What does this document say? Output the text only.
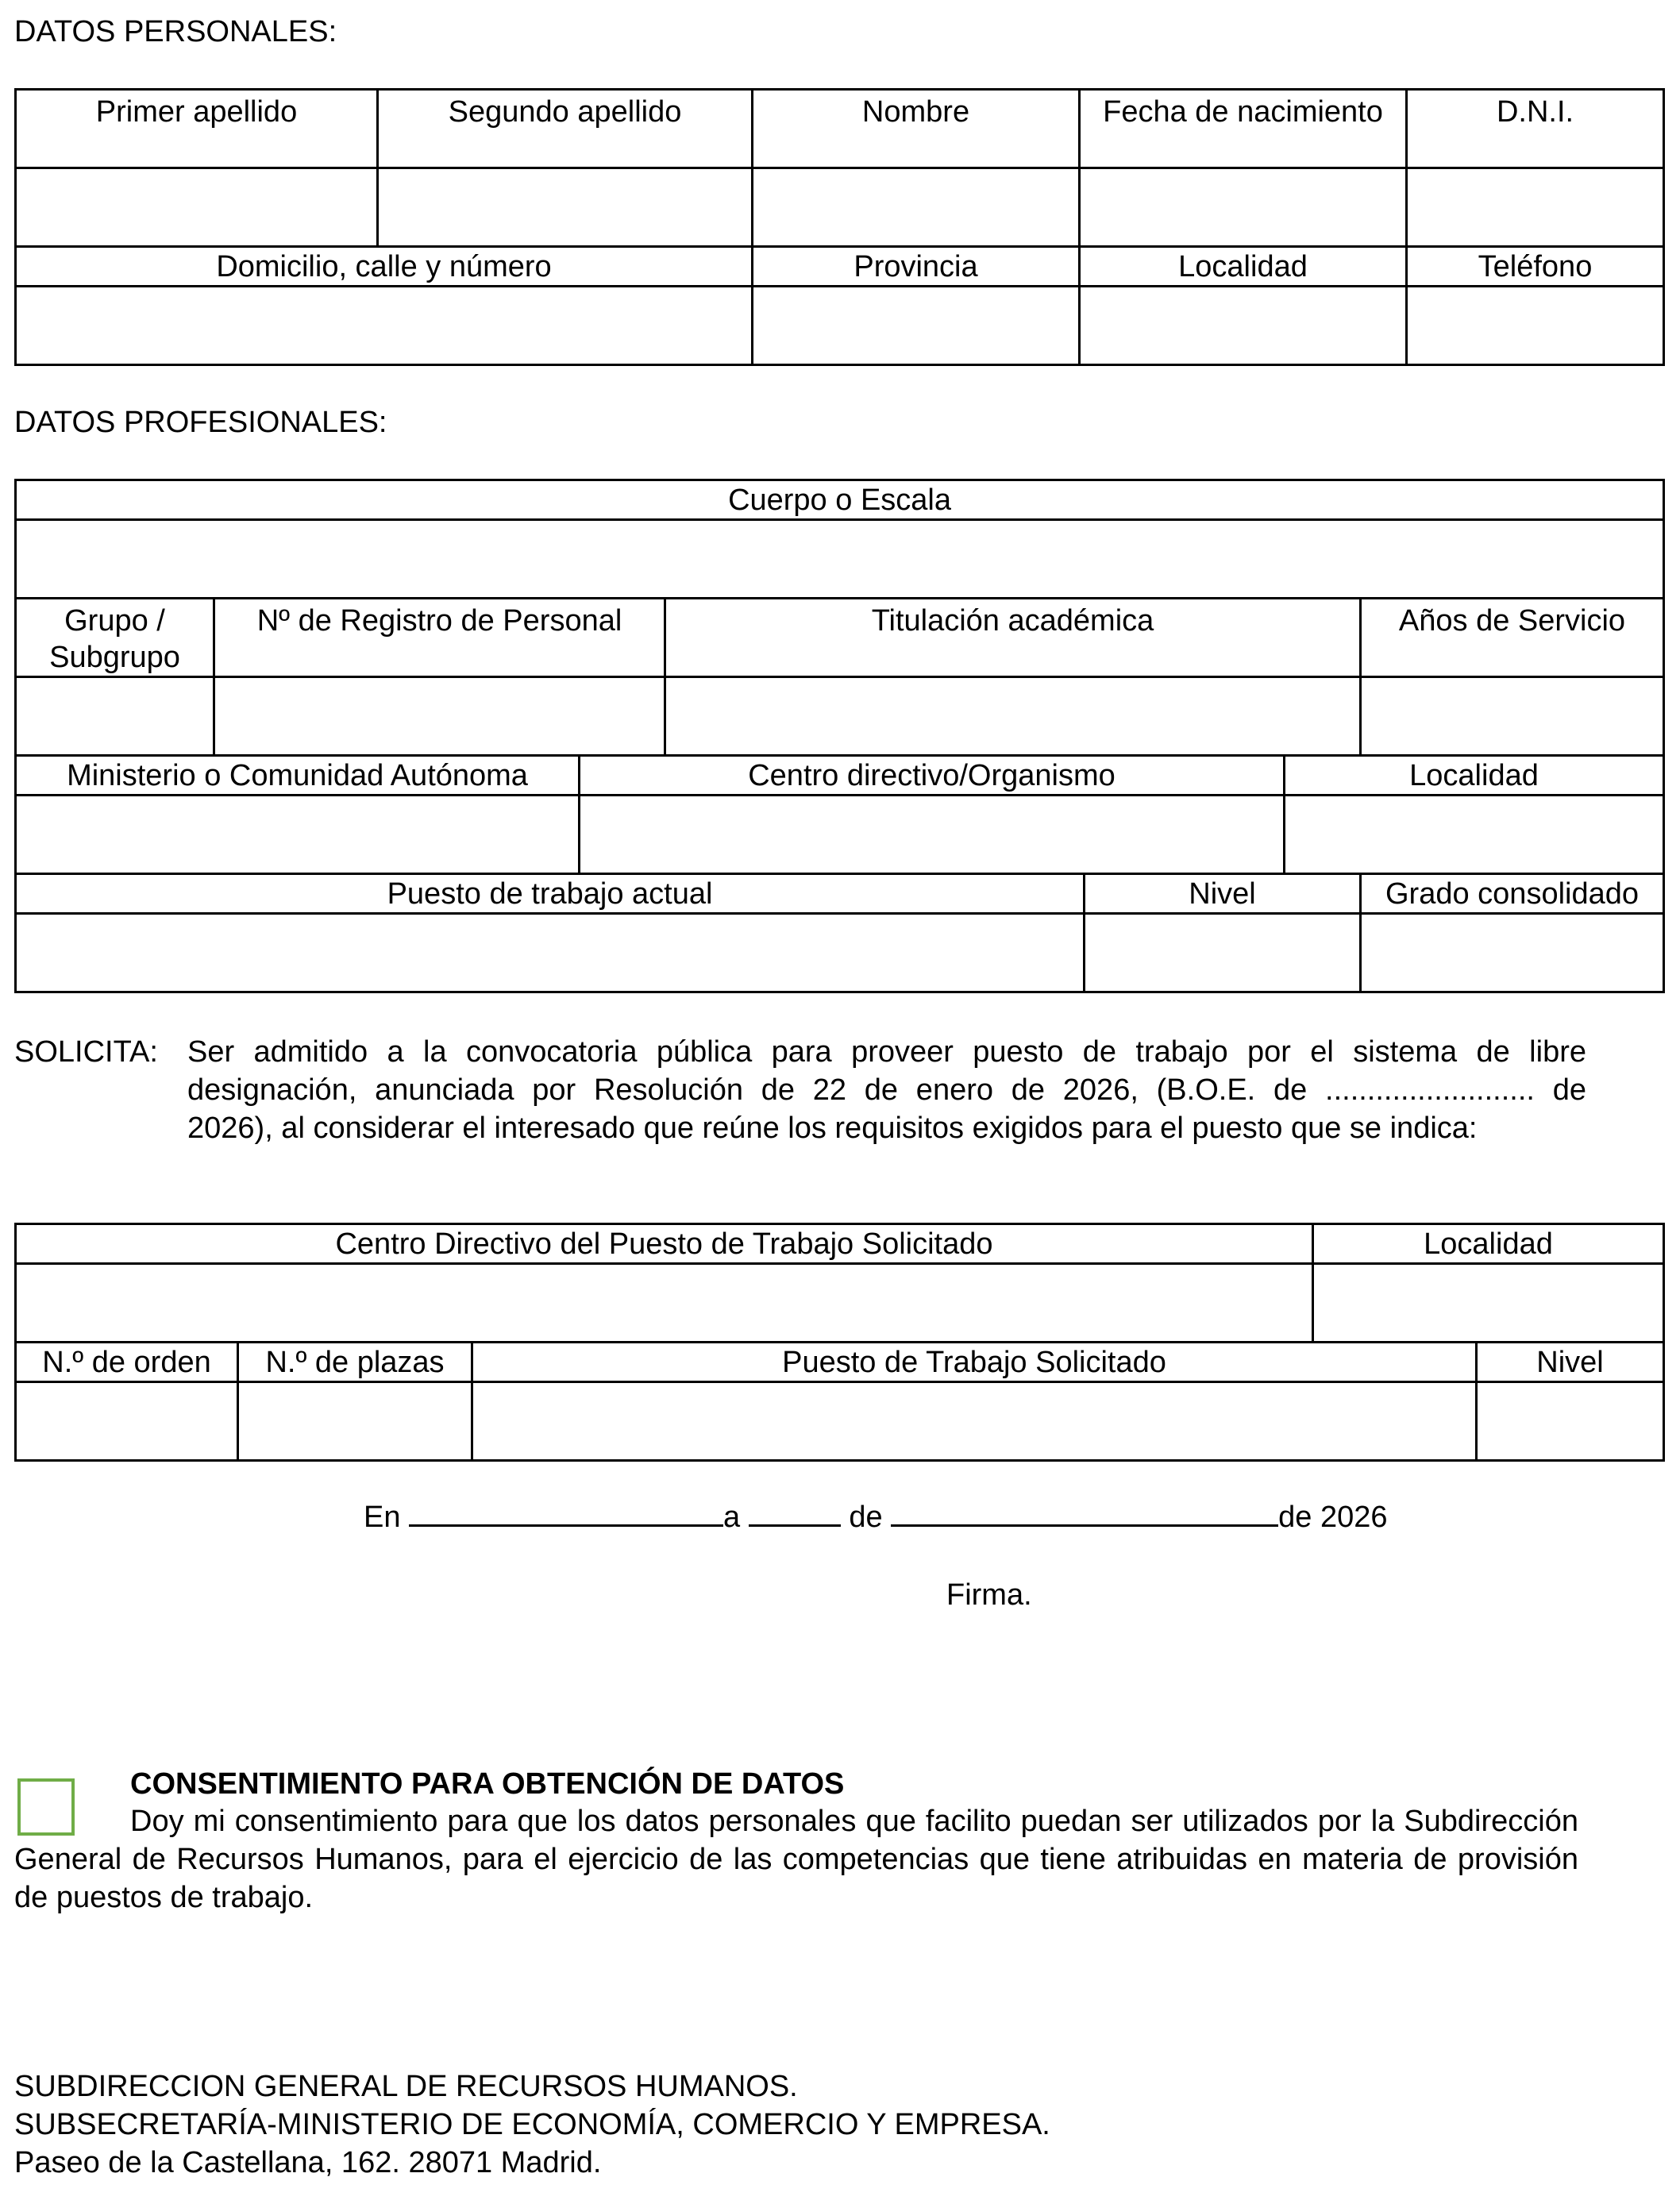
DATOS PERSONALES:
Primer apellido	Segundo apellido	Nombre	Fecha de nacimiento	D.N.I.

Domicilio, calle y número		Provincia	Localidad	Teléfono

DATOS PROFESIONALES:
Cuerpo o Escala

Grupo / Subgrupo	Nº de Registro de Personal	Titulación académica	Años de Servicio

Ministerio o Comunidad Autónoma	Centro directivo/Organismo	Localidad

Puesto de trabajo actual	Nivel	Grado consolidado

SOLICITA: Ser admitido a la convocatoria pública para proveer puesto de trabajo por el sistema de libre
designación, anunciada por Resolución de 22 de enero de 2026, (B.O.E. de ......................... de
2026), al considerar el interesado que reúne los requisitos exigidos para el puesto que se indica:
Centro Directivo del Puesto de Trabajo Solicitado	Localidad

N.º de orden	N.º de plazas	Puesto de Trabajo Solicitado	Nivel

En	a	de	de 2026
Firma.
CONSENTIMIENTO PARA OBTENCIÓN DE DATOS
Doy mi consentimiento para que los datos personales que facilito puedan ser utilizados por la Subdirección General de Recursos Humanos, para el ejercicio de las competencias que tiene atribuidas en materia de provisión de puestos de trabajo.
SUBDIRECCION GENERAL DE RECURSOS HUMANOS.
SUBSECRETARÍA-MINISTERIO DE ECONOMÍA, COMERCIO Y EMPRESA.
Paseo de la Castellana, 162. 28071 Madrid.
